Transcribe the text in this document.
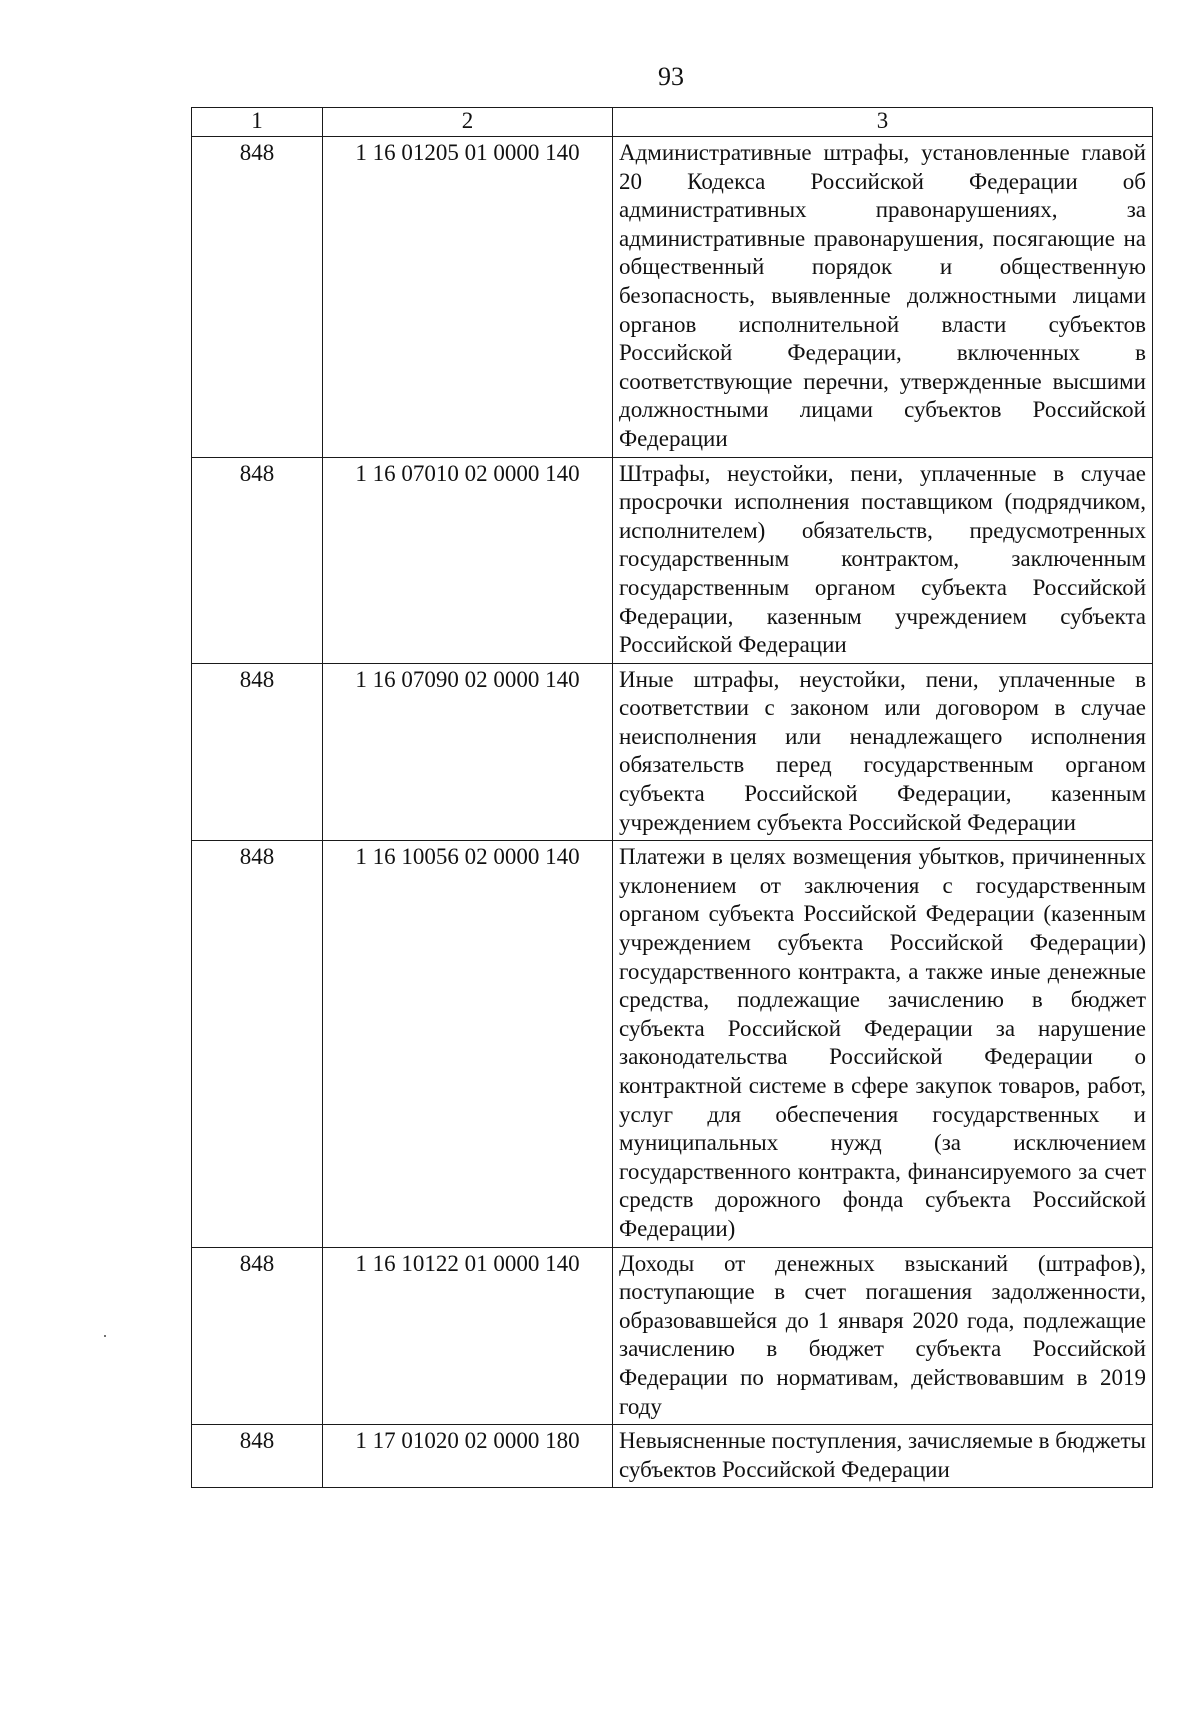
93
1	2	3
848	1 16 01205 01 0000 140	Административные штрафы, установленные главой 20 Кодекса Российской Федерации об административных правонарушениях, за административные правонарушения, посягающие на общественный порядок и общественную безопасность, выявленные должностными лицами органов исполнительной власти субъектов Российской Федерации, включенных в соответствующие перечни, утвержденные высшими должностными лицами субъектов Российской Федерации
848	1 16 07010 02 0000 140	Штрафы, неустойки, пени, уплаченные в случае просрочки исполнения поставщиком (подрядчиком, исполнителем) обязательств, предусмотренных государственным контрактом, заключенным государственным органом субъекта Российской Федерации, казенным учреждением субъекта Российской Федерации
848	1 16 07090 02 0000 140	Иные штрафы, неустойки, пени, уплаченные в соответствии с законом или договором в случае неисполнения или ненадлежащего исполнения обязательств перед государственным органом субъекта Российской Федерации, казенным учреждением субъекта Российской Федерации
848	1 16 10056 02 0000 140	Платежи в целях возмещения убытков, причиненных уклонением от заключения с государственным органом субъекта Российской Федерации (казенным учреждением субъекта Российской Федерации) государственного контракта, а также иные денежные средства, подлежащие зачислению в бюджет субъекта Российской Федерации за нарушение законодательства Российской Федерации о контрактной системе в сфере закупок товаров, работ, услуг для обеспечения государственных и муниципальных нужд (за исключением государственного контракта, финансируемого за счет средств дорожного фонда субъекта Российской Федерации)
848	1 16 10122 01 0000 140	Доходы от денежных взысканий (штрафов), поступающие в счет погашения задолженности, образовавшейся до 1 января 2020 года, подлежащие зачислению в бюджет субъекта Российской Федерации по нормативам, действовавшим в 2019 году
848	1 17 01020 02 0000 180	Невыясненные поступления, зачисляемые в бюджеты субъектов Российской Федерации
